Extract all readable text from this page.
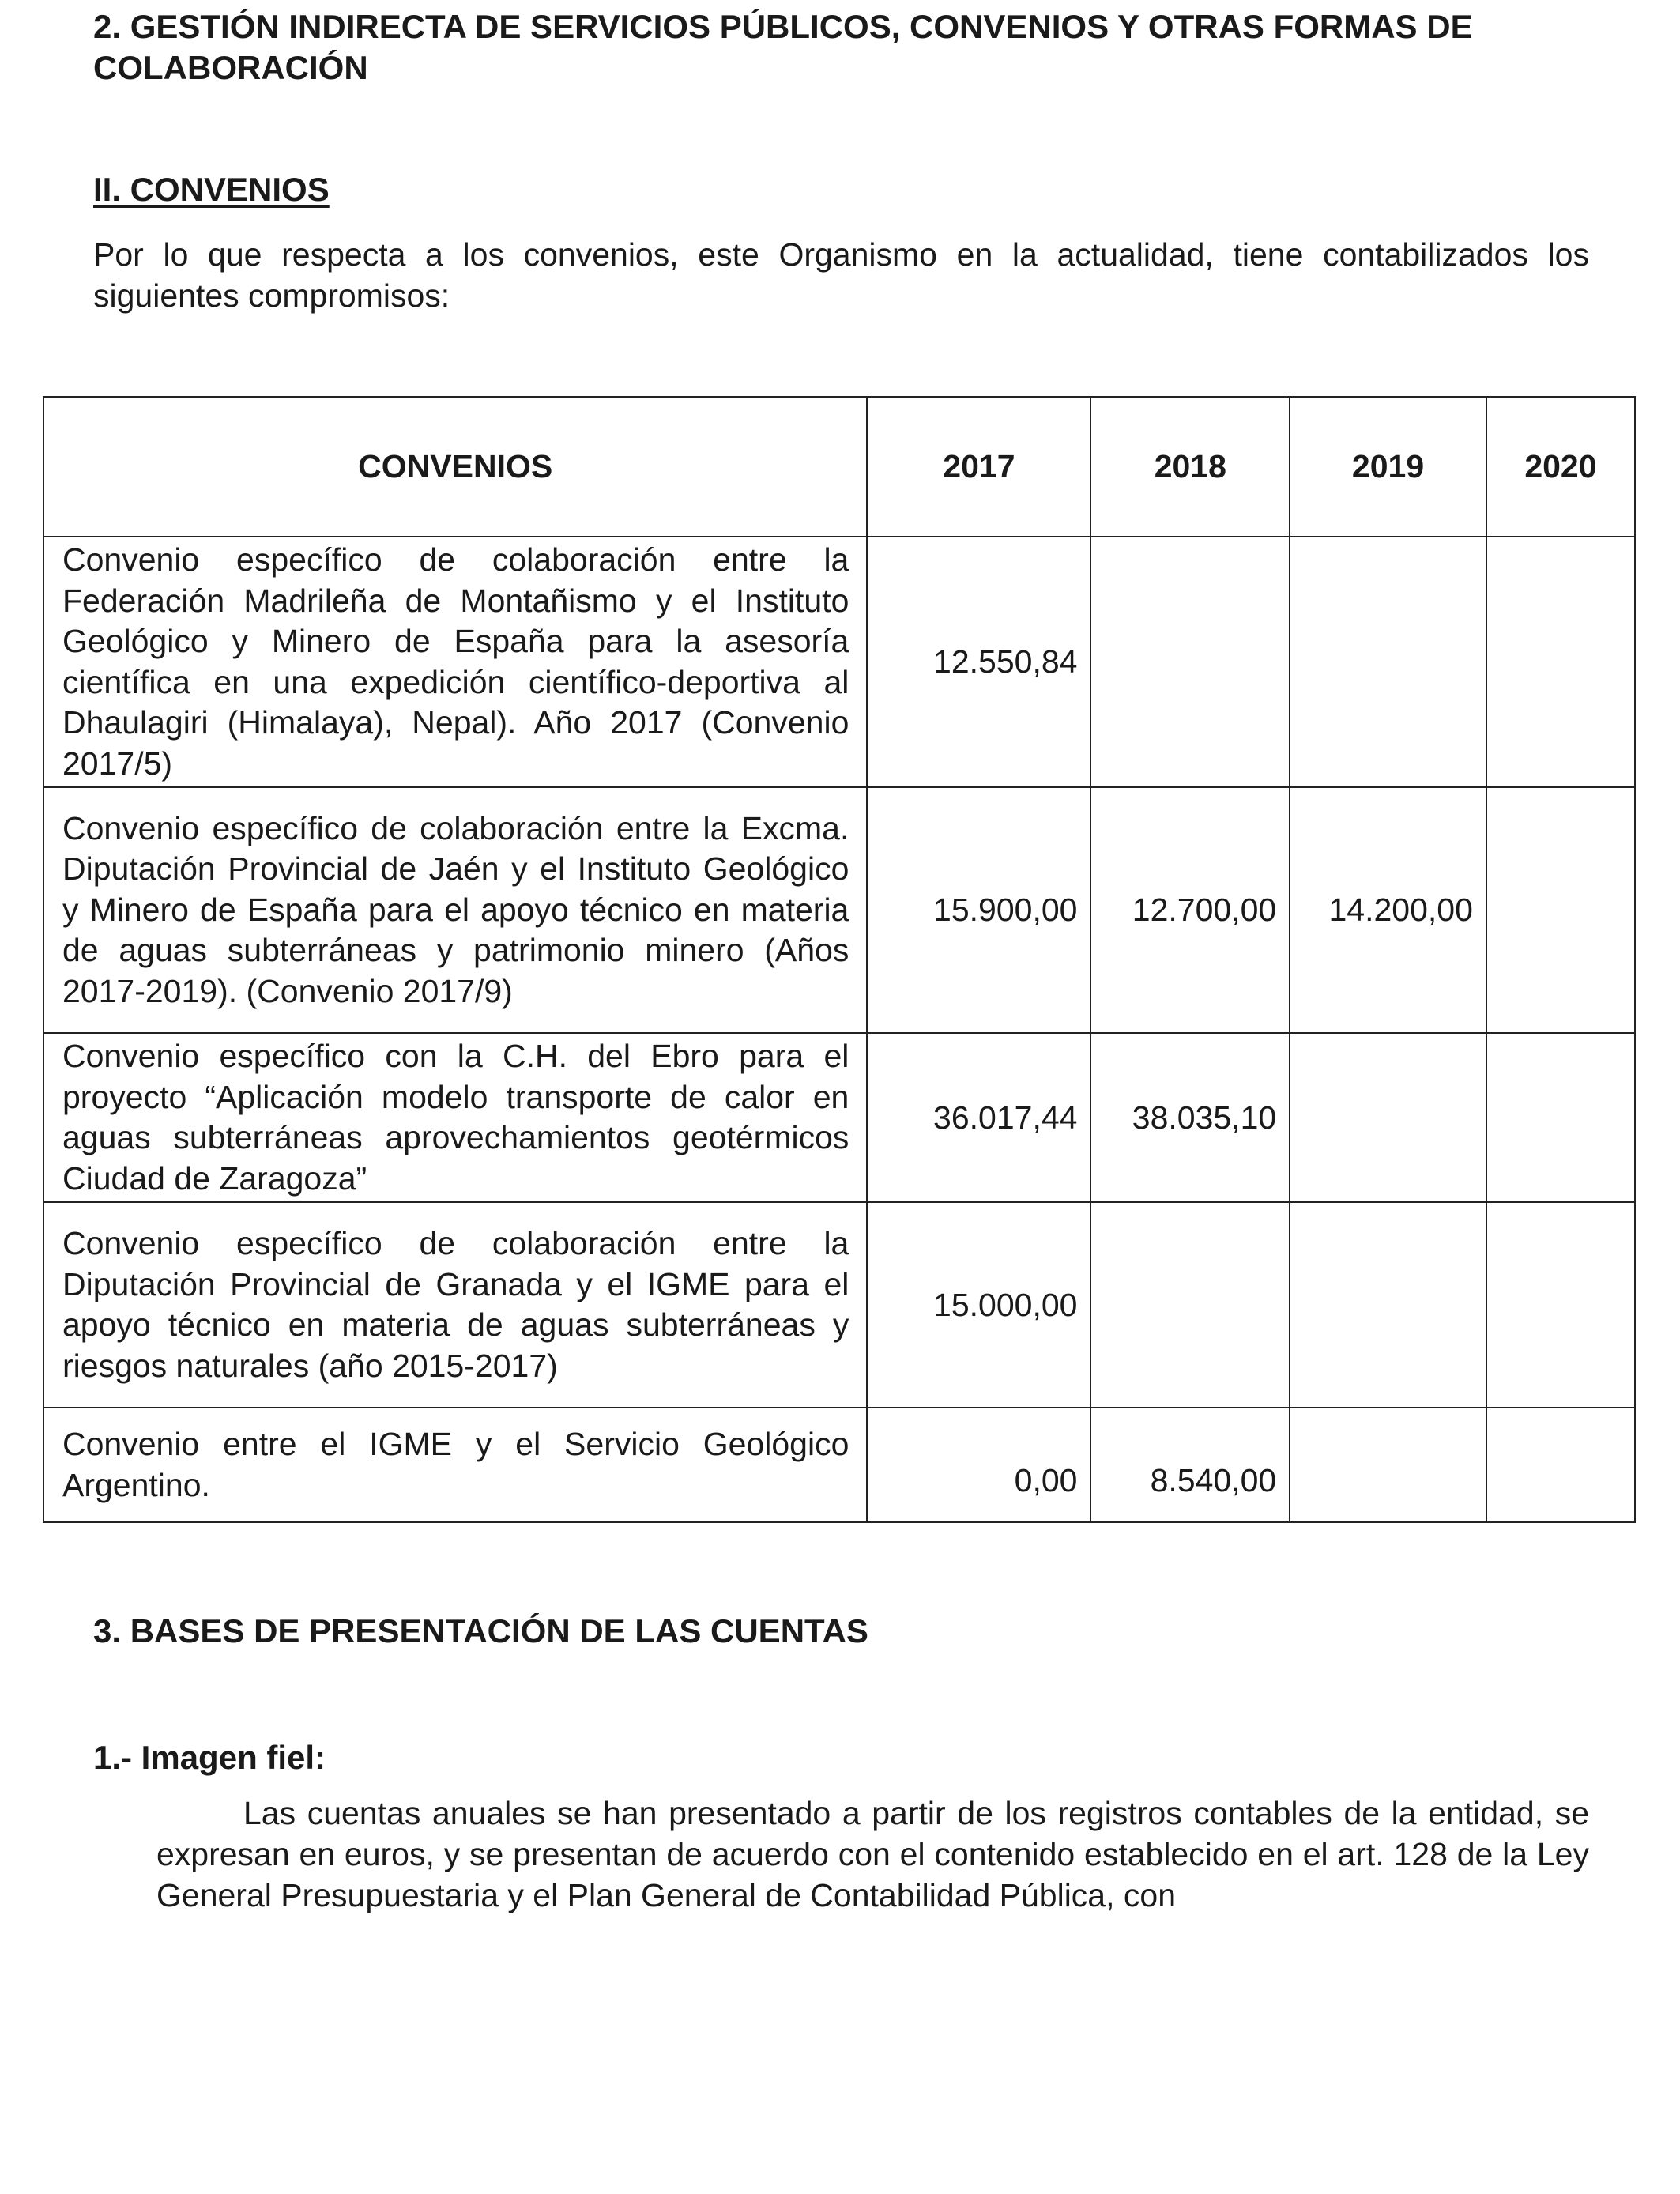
2. GESTIÓN INDIRECTA DE SERVICIOS PÚBLICOS, CONVENIOS Y OTRAS FORMAS DE COLABORACIÓN
II. CONVENIOS

Por lo que respecta a los convenios, este Organismo en la actualidad, tiene contabilizados los siguientes compromisos:

CONVENIOS	2017	2018	2019	2020
Convenio específico de colaboración entre la Federación Madrileña de Montañismo y el Instituto Geológico y Minero de España para la asesoría científica en una expedición científico-deportiva al Dhaulagiri (Himalaya), Nepal). Año 2017 (Convenio 2017/5)	12.550,84			
Convenio específico de colaboración entre la Excma. Diputación Provincial de Jaén y el Instituto Geológico y Minero de España para el apoyo técnico en materia de aguas subterráneas y patrimonio minero (Años 2017-2019). (Convenio 2017/9)	15.900,00	12.700,00	14.200,00	
Convenio específico con la C.H. del Ebro para el proyecto “Aplicación modelo transporte de calor en aguas subterráneas aprovechamientos geotérmicos Ciudad de Zaragoza”	36.017,44	38.035,10		
Convenio específico de colaboración entre la Diputación Provincial de Granada y el IGME para el apoyo técnico en materia de aguas subterráneas y riesgos naturales (año 2015-2017)	15.000,00			
Convenio entre el IGME y el Servicio Geológico Argentino.	0,00	8.540,00		
3. BASES DE PRESENTACIÓN DE LAS CUENTAS
1.- Imagen fiel:

Las cuentas anuales se han presentado a partir de los registros contables de la entidad, se expresan en euros, y se presentan de acuerdo con el contenido establecido en el art. 128 de la Ley General Presupuestaria y el Plan General de Contabilidad Pública, con
